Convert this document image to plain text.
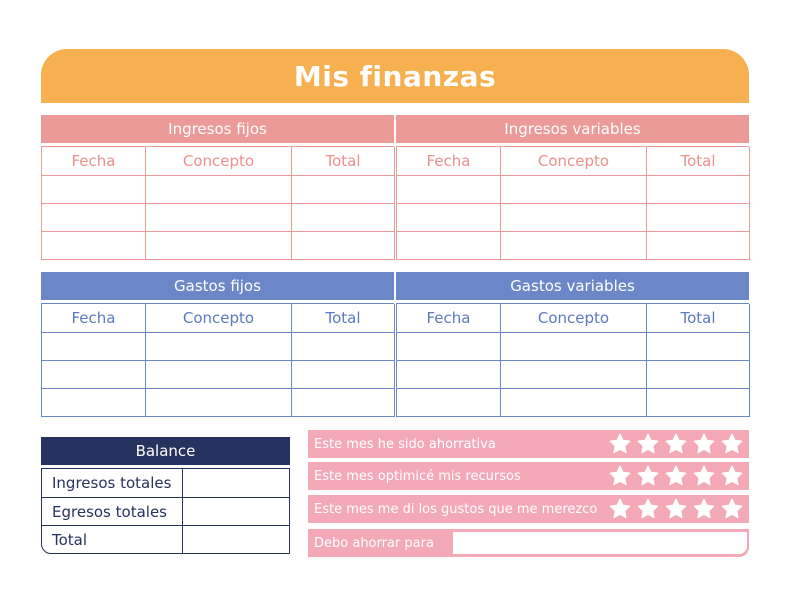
Mis finanzas
Ingresos fijos
Fecha	Concepto	Total
Ingresos variables
Fecha	Concepto	Total
Gastos fijos
Fecha	Concepto	Total
Gastos variables
Fecha	Concepto	Total
Balance
Ingresos totales
Egresos totales
Total
Este mes he sido ahorrativa
Este mes optimicé mis recursos
Este mes me di los gustos que me merezco
Debo ahorrar para
